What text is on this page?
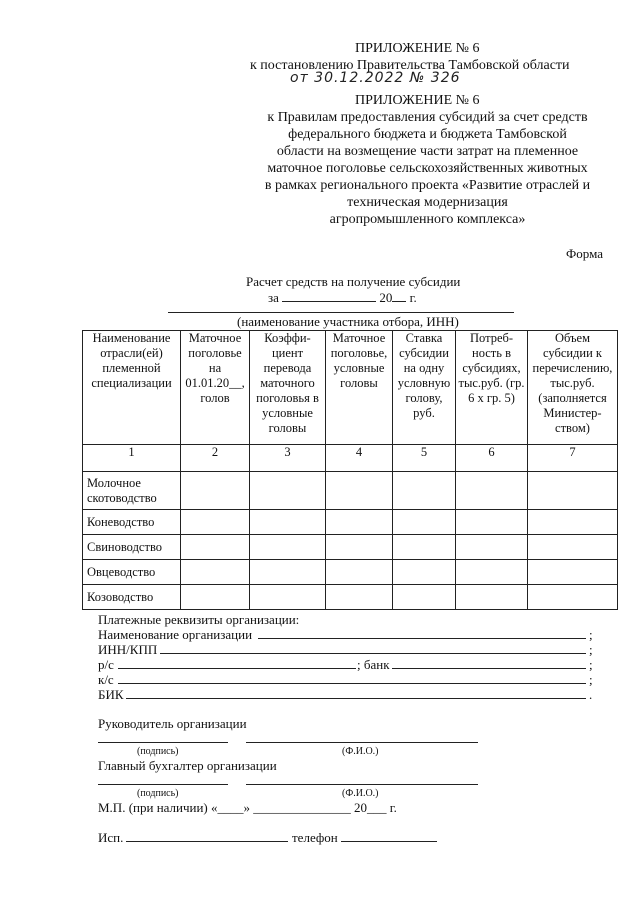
ПРИЛОЖЕНИЕ № 6
к постановлению Правительства Тамбовской области
от 30.12.2022 № 326
ПРИЛОЖЕНИЕ № 6
к Правилам предоставления субсидий за счет средств
федерального бюджета и бюджета Тамбовской
области на возмещение части затрат на племенное
маточное поголовье сельскохозяйственных животных
в рамках регионального проекта «Развитие отраслей и
техническая модернизация
агропромышленного комплекса»
Форма
Расчет средств на получение субсидии
за	20 г.
(наименование участника отбора, ИНН)
Наименование отрасли(ей) племенной специализации	Маточное поголовье на 01.01.20__, голов	Коэффи-циент перевода маточного поголовья в условные головы	Маточное поголовье, условные головы	Ставка субсидии на одну условную голову, руб.	Потреб-ность в субсидиях, тыс.руб. (гр. 6 х гр. 5)	Объем субсидии к перечислению, тыс.руб. (заполняется Министер-ством)
1	2	3	4	5	6	7
Молочное скотоводство						
Коневодство						
Свиноводство						
Овцеводство						
Козоводство						
Платежные реквизиты организации:
Наименование организации	;
ИНН/КПП	;
р/с	; банк	;
к/с	;
БИК	.
Руководитель организации
(подпись)	(Ф.И.О.)
Главный бухгалтер организации
(подпись)	(Ф.И.О.)
М.П. (при наличии) «____» _______________ 20___ г.
Исп.	телефон
